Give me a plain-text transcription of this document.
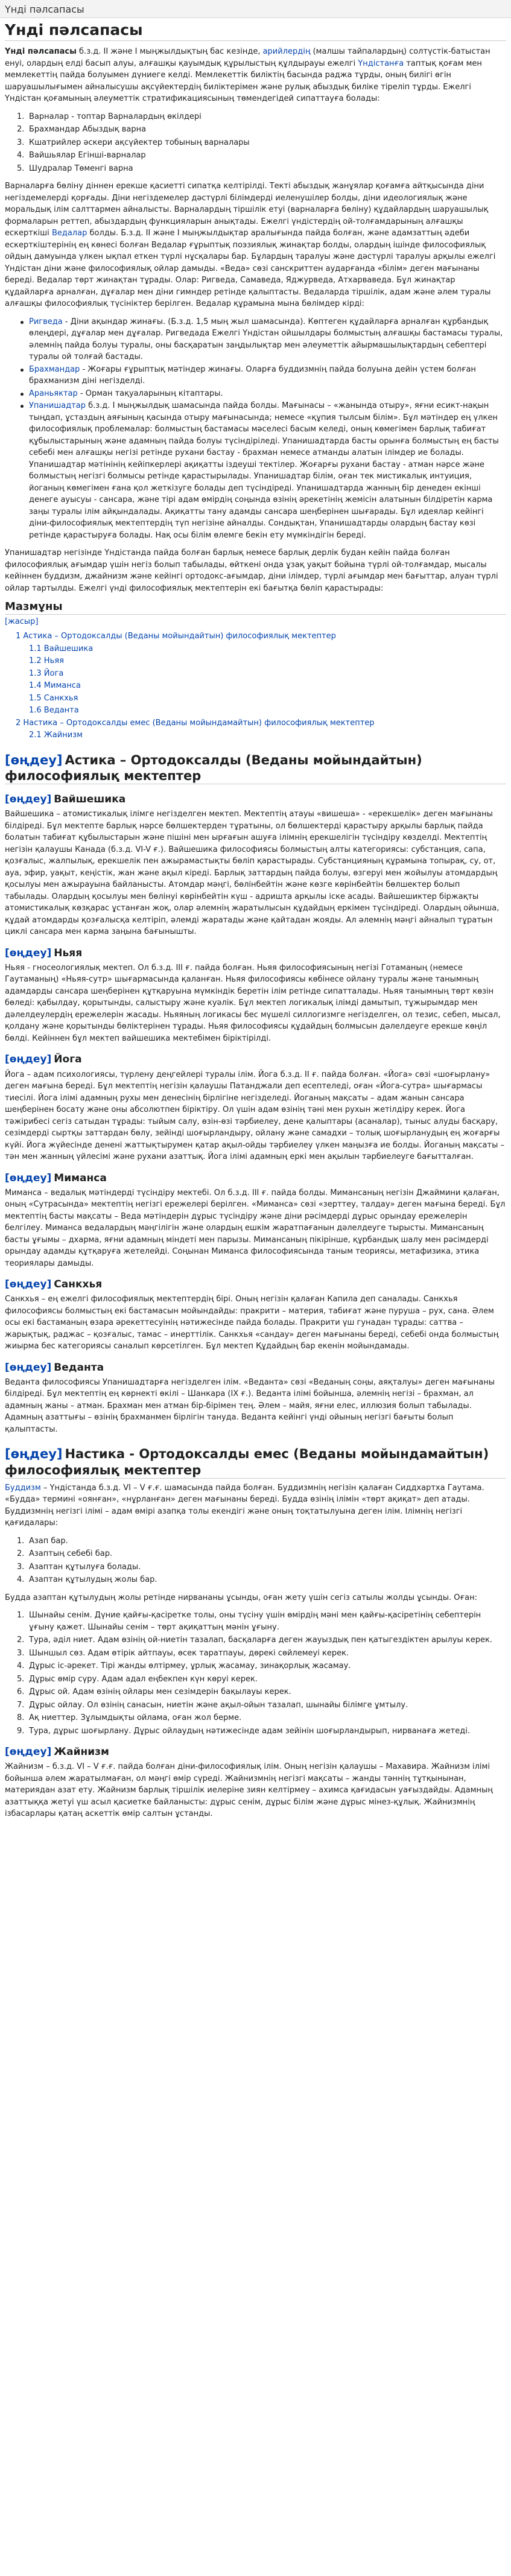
Үнді пәлсапасы
Үнді пәлсапасы

Үнді пәлсапасы б.з.д. ІІ және І мыңжылдықтың бас кезінде, арийлердің (малшы тайпалардың) солтүстік-батыстан енуі, олардың елді басып алуы, алғашқы қауымдық құрылыстың құлдырауы ежелгі Үндістанға таптық қоғам мен мемлекеттің пайда болуымен дүниеге келді. Мемлекеттік биліктің басында раджа тұрды, оның билігі өгін шаруашылығымен айналысушы ақсүйектердің биліктерімен және рулық абыздық биліке тіреліп тұрды. Ежелгі Үндістан қоғамының әлеуметтік стратификациясының төмендегідей сипаттауға болады:

Варналар - топтар Варналардың өкілдері
Брахмандар Абыздық варна
Кшатрийлер әскери ақсүйектер тобының варналары
Вайшьялар Егінші-варналар
Шудралар Төменгі варна

Варналарға бөліну діннен ерекше қасиетті сипатқа келтірілді. Тектi абыздық жанұялар қоғамға айтқысында діни негіздемелерді қорғады. Діни негіздемелер дәстүрлі білімдерді иеленушілер болды, діни идеологиялық және моральдық ілім салттармен айналысты. Варналардың тіршілік етуі (варналарға бөліну) құдайлардың шаруашылық формаларын реттеп, абыздардың функцияларын анықтады. Ежелгі үндістердің ой-толғамдарының алғашқы ескерткіші Ведалар болды. Б.з.д. ІІ және І мыңжылдықтар аралығында пайда болған, және адамзаттың әдеби ескерткіштерінің ең көнесі болған Ведалар ғұрыптық поэзиялық жинақтар болды, олардың ішінде философиялық ойдың дамуында үлкен ықпал еткен түрлі нұсқалары бар. Бұлардың таралуы және дәстүрлі таралуы арқылы ежелгі Үндістан діни және философиялық ойлар дамыды. «Веда» сөзі санскриттен аударғанда «білім» деген мағынаны береді. Ведалар төрт жинақтан тұрады. Олар: Ригведа, Самаведа, Яджурведа, Атхарваведа. Бұл жинақтар құдайларға арналған, дұғалар мен діни гимндер ретінде қалыптасты. Ведаларда тіршілік, адам және әлем туралы алғашқы философиялық түсініктер берілген. Ведалар құрамына мына бөлімдер кірді:

Ригведа - Діни ақындар жинағы. (Б.з.д. 1,5 мың жыл шамасында). Көптеген құдайларға арналған құрбандық өлеңдері, дұғалар мен дұғалар. Ригведада Ежелгі Үндістан ойшылдары болмыстың алғашқы бастамасы туралы, әлемнің пайда болуы туралы, оны басқаратын заңдылықтар мен әлеуметтік айырмашылықтардың себептері туралы ой толғай бастады.
Брахмандар - Жоғары ғұрыптық мәтіндер жинағы. Оларға буддизмнің пайда болуына дейін үстем болған брахманизм діні негізделді.
Араньяктар - Орман тақуаларының кітаптары.
Упанишадтар б.з.д. I мыңжылдық шамасында пайда болды. Мағынасы – «жанында отыру», яғни есикт-нақын тыңдап, ұстаздың аяғының қасында отыру мағынасында; немесе «құпия тылсым білім». Бұл мәтіндер ең үлкен философиялық проблемалар: болмыстың бастамасы мәселесі басым келеді, оның көмегімен барлық табиғат құбылыстарының және адамның пайда болуы түсіндіріледі. Упанишадтарда басты орынға болмыстың ең басты себебі мен алғашқы негізі ретінде рухани бастау - брахман немесе атманды алатын ілімдер ие болады. Упанишадтар мәтінінің кейіпкерлері ақиқатты іздеуші тектілер. Жоғарғы рухани бастау - атман нәрсе және болмыстың негізгі болмысы ретінде қарастырылады. Упанишадтар білім, оған тек мистикалық интуиция, йоганың көмегімен ғана қол жеткізуге болады деп түсіндіреді. Упанишадтарда жанның бір денеден екінші денеге ауысуы - сансара, және тірі адам өмірдің соңында өзінің әрекетінің жемісін алатынын білдіретін карма заңы туралы ілім айқындалады. Ақиқатты тану адамды сансара шеңберінен шығарады. Бұл идеялар кейінгі діни-философиялық мектептердің түп негізіне айналды. Сондықтан, Упанишадтарды олардың бастау көзі ретінде қарастыруға болады. Нақ осы білім өлемге бекін ету мүмкіндігін береді.

Упанишадтар негізінде Үндістанда пайда болған барлық немесе барлық дерлік будан кейін пайда болған философиялық ағымдар үшін негіз болып табылады, өйткені онда ұзақ уақыт бойына түрлі ой-толғамдар, мысалы кейіннен буддизм, джайнизм және кейінгі ортодокс-ағымдар, діни ілімдер, түрлі ағымдар мен бағыттар, алуан түрлі ойлар тартылды. Ежелгі үнді философиялық мектептерін екі бағытқа бөліп қарастырады:

Мазмұны
[жасыр]
1 Астика – Ортодоксалды (Веданы мойындайтын) философиялық мектептер
1.1 Вайшешика
1.2 Ньяя
1.3 Йога
1.4 Миманса
1.5 Санкхья
1.6 Веданта
2 Настика – Ортодоксалды емес (Веданы мойындамайтын) философиялық мектептер
2.1 Жайнизм
[өңдеу] Астика – Ортодоксалды (Веданы мойындайтын) философиялық мектептер
[өңдеу] Вайшешика

Вайшешика – атомистикалық ілімге негізделген мектеп. Мектептің атауы «вишеша» - «ерекшелік» деген мағынаны білдіреді. Бұл мектепте барлық нәрсе бөлшектерден тұратыны, ол бөлшектерді қарастыру арқылы барлық пайда болатын табиғат құбылыстарын және пішіні мен ырғағын ашуға ілімнің ерекшелігін түсіндіру көзделді. Мектептің негізін қалаушы Канада (б.з.д. VI-V ғ.). Вайшешика философиясы болмыстың алты категориясы: субстанция, сапа, қозғалыс, жалпылық, ерекшелік пен ажырамастықты бөліп қарастырады. Субстанцияның құрамына топырақ, су, от, ауа, эфир, уақыт, кеңістік, жан және ақыл кіреді. Барлық заттардың пайда болуы, өзгеруі мен жойылуы атомдардың қосылуы мен ажырауына байланысты. Атомдар мәңгі, бөлінбейтін және көзге көрінбейтін бөлшектер болып табылады. Олардың қосылуы мен бөлінуі көрінбейтін күш - адришта арқылы іске асады. Вайшешиктер біржақты атомистикалық көзқарас ұстанған жоқ, олар әлемнің жаратылысын құдайдың еркімен түсіндіреді. Олардың ойынша, құдай атомдарды қозғалысқа келтіріп, әлемді жаратады және қайтадан жояды. Ал әлемнің мәңгі айналып тұратын циклі сансара мен карма заңына бағынышты.

[өңдеу] Ньяя

Ньяя - гносеологиялық мектеп. Ол б.з.д. ІІІ ғ. пайда болған. Ньяя философиясының негізі Готаманың (немесе Гаутаманың) «Ньяя-сутр» шығармасында қаланған. Ньяя философиясы көбінесе ойлану туралы және танымның адамдарды сансара шеңберінен құтқаруына мүмкіндік беретін ілім ретінде сипатталады. Ньяя танымның төрт көзін бөледі: қабылдау, қорытынды, салыстыру және куәлік. Бұл мектеп логикалық ілімді дамытып, тұжырымдар мен дәлелдеулердің ережелерін жасады. Ньяяның логикасы бес мүшелі силлогизмге негізделген, ол тезис, себеп, мысал, қолдану және қорытынды бөліктерінен тұрады. Ньяя философиясы құдайдың болмысын дәлелдеуге ерекше көңіл бөлді. Кейіннен бұл мектеп вайшешика мектебімен біріктірілді.

[өңдеу] Йога

Йога – адам психологиясы, түрлену деңгейлері туралы ілім. Йога б.з.д. ІІ ғ. пайда болған. «Йога» сөзі «шоғырлану» деген мағына береді. Бұл мектептің негізін қалаушы Патанджали деп есептеледі, оған «Йога-сутра» шығармасы тиесілі. Йога ілімі адамның рухы мен денесінің бірлігіне негізделеді. Йоганың мақсаты – адам жанын сансара шеңберінен босату және оны абсолютпен біріктіру. Ол үшін адам өзінің тәні мен рухын жетілдіру керек. Йога тәжірибесі сегіз сатыдан тұрады: тыйым салу, өзін-өзі тәрбиелеу, дене қалыптары (асаналар), тыныс алуды басқару, сезімдерді сыртқы заттардан бөлу, зейінді шоғырландыру, ойлану және самадхи – толық шоғырланудың ең жоғарғы күйі. Йога жүйесінде денені жаттықтырумен қатар ақыл-ойды тәрбиелеу үлкен маңызға ие болды. Йоганың мақсаты – тән мен жанның үйлесімі және рухани азаттық. Йога ілімі адамның еркі мен ақылын тәрбиелеуге бағытталған.

[өңдеу] Миманса

Миманса – ведалық мәтіндерді түсіндіру мектебі. Ол б.з.д. ІІІ ғ. пайда болды. Мимансаның негізін Джаймини қалаған, оның «Сутрасында» мектептің негізгі ережелері берілген. «Миманса» сөзі «зерттеу, талдау» деген мағына береді. Бұл мектептің басты мақсаты – Веда мәтіндерін дұрыс түсіндіру және діни рәсімдерді дұрыс орындау ережелерін белгілеу. Миманса ведалардың мәңгілігін және олардың ешкім жаратпағанын дәлелдеуге тырысты. Мимансаның басты ұғымы – дхарма, яғни адамның міндеті мен парызы. Мимансаның пікірінше, құрбандық шалу мен рәсімдерді орындау адамды құтқаруға жетелейді. Соңынан Миманса философиясында таным теориясы, метафизика, этика теориялары дамыды.

[өңдеу] Санкхья

Санкхья – ең ежелгі философиялық мектептердің бірі. Оның негізін қалаған Капила деп саналады. Санкхья философиясы болмыстың екі бастамасын мойындайды: пракрити – материя, табиғат және пуруша – рух, сана. Әлем осы екі бастаманың өзара әрекеттесуінің нәтижесінде пайда болады. Пракрити үш гунадан тұрады: саттва – жарықтық, раджас – қозғалыс, тамас – инерттілік. Санкхья «сандау» деген мағынаны береді, себебі онда болмыстың жиырма бес категориясы саналып көрсетілген. Бұл мектеп Құдайдың бар екенін мойындамады.

[өңдеу] Веданта

Веданта философиясы Упанишадтарға негізделген ілім. «Веданта» сөзі «Веданың соңы, аяқталуы» деген мағынаны білдіреді. Бұл мектептің ең көрнекті өкілі – Шанкара (ІХ ғ.). Веданта ілімі бойынша, әлемнің негізі – брахман, ал адамның жаны – атман. Брахман мен атман бір-бірімен тең. Әлем – майя, яғни елес, иллюзия болып табылады. Адамның азаттығы – өзінің брахманмен бірлігін тануда. Веданта кейінгі үнді ойының негізгі бағыты болып қалыптасты.

[өңдеу] Настика - Ортодоксалды емес (Веданы мойындамайтын) философиялық мектептер

Буддизм – Үндістанда б.з.д. VI – V ғ.ғ. шамасында пайда болған. Буддизмнің негізін қалаған Сиддхартха Гаутама. «Будда» термині «оянған», «нұрланған» деген мағынаны береді. Будда өзінің ілімін «төрт ақиқат» деп атады. Буддизмнің негізгі ілімі – адам өмірі азапқа толы екендігі және оның тоқтатылуына деген ілім. Ілімнің негізгі қағидалары:

Азап бар.
Азаптың себебі бар.
Азаптан құтылуға болады.
Азаптан құтылудың жолы бар.

Будда азаптан құтылудың жолы ретінде нирвананы ұсынды, оған жету үшін сегіз сатылы жолды ұсынды. Оған:

Шынайы сенім. Дүние қайғы-қасіретке толы, оны түсіну үшін өмірдің мәні мен қайғы-қасіретінің себептерін ұғыну қажет. Шынайы сенім – төрт ақиқаттың мәнін ұғыну.
Тура, әділ ниет. Адам өзінің ой-ниетін тазалап, басқаларға деген жауыздық пен қатыгездіктен арылуы керек.
Шыншыл сөз. Адам өтірік айтпауы, өсек таратпауы, дөрекі сөйлемеуі керек.
Дұрыс іс-әрекет. Тірі жанды өлтірмеу, ұрлық жасамау, зинақорлық жасамау.
Дұрыс өмір сүру. Адам адал еңбекпен күн көруі керек.
Дұрыс ой. Адам өзінің ойлары мен сезімдерін бақылауы керек.
Дұрыс ойлау. Ол өзінің санасын, ниетін және ақыл-ойын тазалап, шынайы білімге ұмтылу.
Ақ ниеттер. Зұлымдықты ойлама, оған жол берме.
Тура, дұрыс шоғырлану. Дұрыс ойлаудың нәтижесінде адам зейінін шоғырландырып, нирванаға жетеді.
[өңдеу] Жайнизм

Жайнизм – б.з.д. VI – V ғ.ғ. пайда болған діни-философиялық ілім. Оның негізін қалаушы – Махавира. Жайнизм ілімі бойынша әлем жаратылмаған, ол мәңгі өмір сүреді. Жайнизмнің негізгі мақсаты – жанды тәннің тұтқынынан, материядан азат ету. Жайнизм барлық тіршілік иелеріне зиян келтірмеу – ахимса қағидасын уағыздайды. Адамның азаттыққа жетуі үш асыл қасиетке байланысты: дұрыс сенім, дұрыс білім және дұрыс мінез-құлық. Жайнизмнің ізбасарлары қатаң аскеттік өмір салтын ұстанды.
